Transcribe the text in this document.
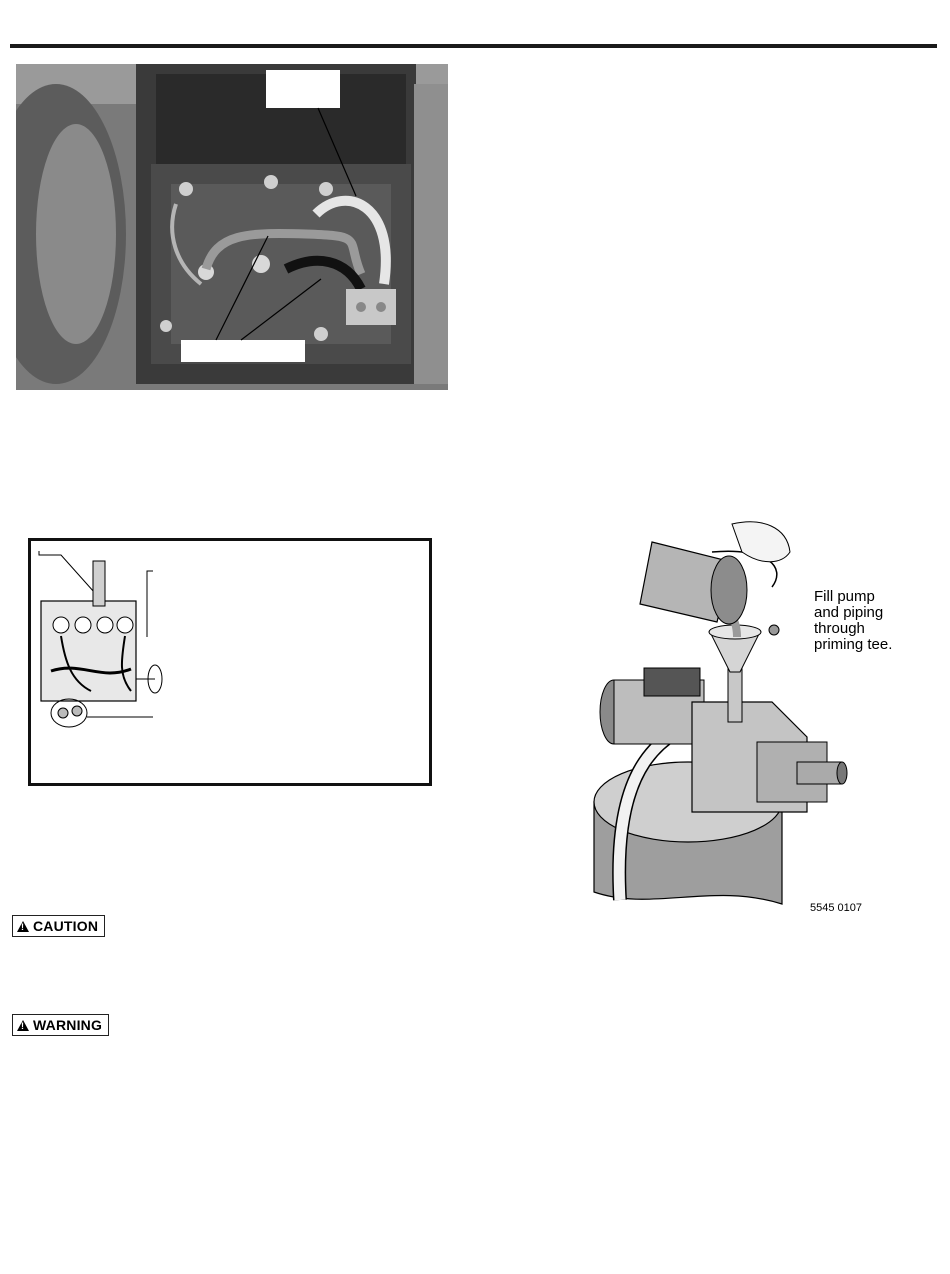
!
CAUTION
!
WARNING
Fill pump
and piping
through
priming tee.
5545 0107
